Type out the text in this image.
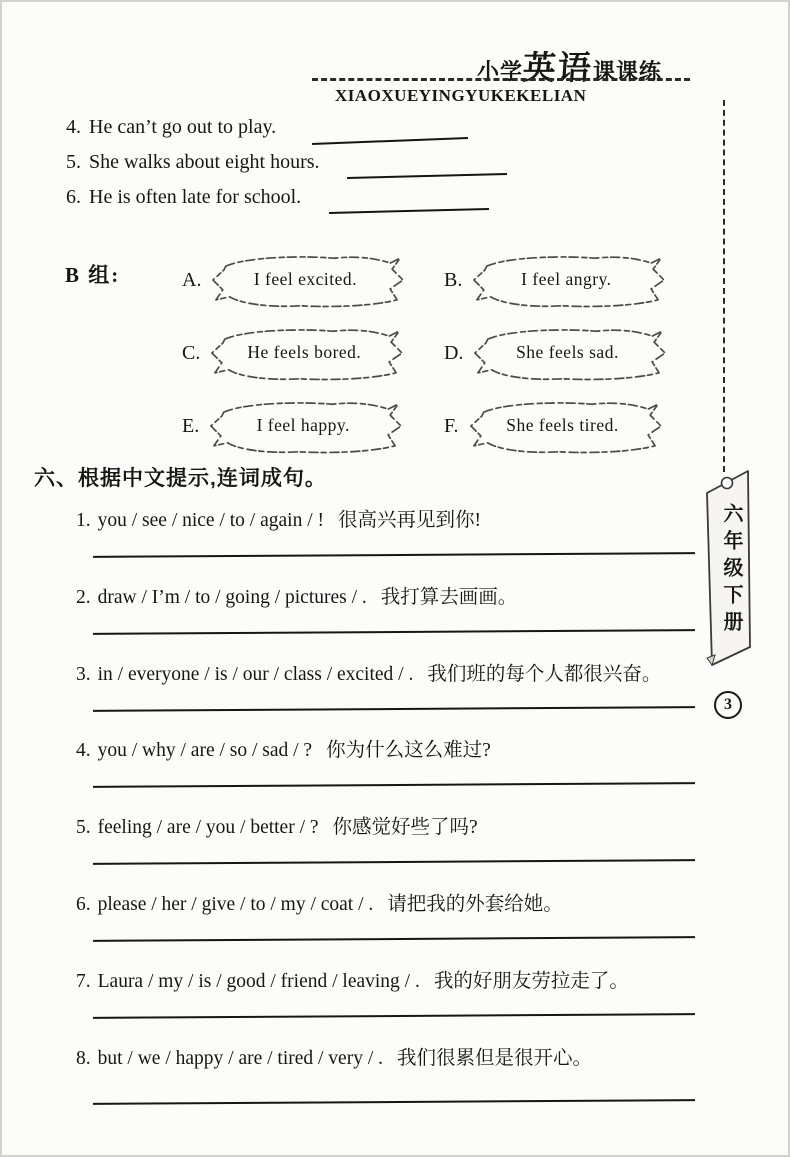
小学英语课课练
XIAOXUEYINGYUKEKELIAN
4. He can’t go out to play.
5. She walks about eight hours.
6. He is often late for school.
B 组:	A.	I feel excited.	B.	I feel angry.
C.	He feels bored.	D.	She feels sad.
E.	I feel happy.	F.	She feels tired.
六、根据中文提示,连词成句。
1. you / see / nice / to / again / ! 很高兴再见到你!
2. draw / I’m / to / going / pictures / . 我打算去画画。
3. in / everyone / is / our / class / excited / . 我们班的每个人都很兴奋。
4. you / why / are / so / sad / ? 你为什么这么难过?
5. feeling / are / you / better / ? 你感觉好些了吗?
6. please / her / give / to / my / coat / . 请把我的外套给她。
7. Laura / my / is / good / friend / leaving / . 我的好朋友劳拉走了。
8. but / we / happy / are / tired / very / . 我们很累但是很开心。
六年级下册
3
